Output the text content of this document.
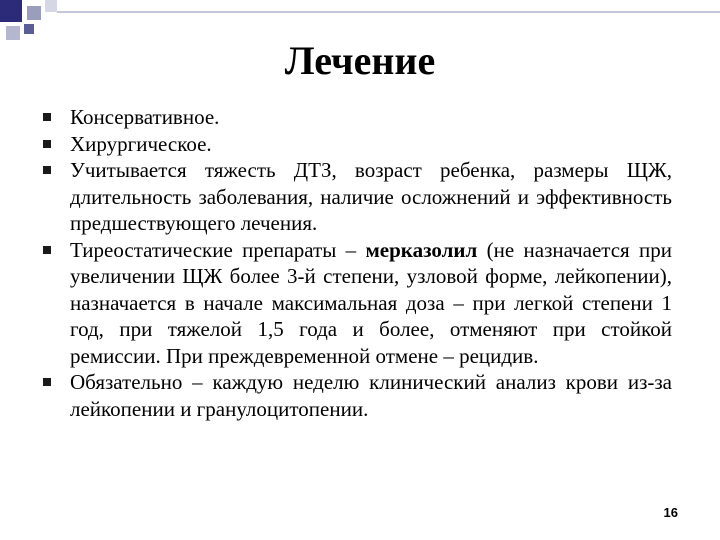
Лечение
Консервативное.
Хирургическое.
Учитывается тяжесть ДТЗ, возраст ребенка, размеры ЩЖ, длительность заболевания, наличие осложнений и эффективность предшествующего лечения.
Тиреостатические препараты – мерказолил (не назначается при увеличении ЩЖ более 3-й степени, узловой форме, лейкопении), назначается в начале максимальная доза – при легкой степени 1 год, при тяжелой 1,5 года и более, отменяют при стойкой ремиссии. При преждевременной отмене – рецидив.
Обязательно – каждую неделю клинический анализ крови из-за лейкопении и гранулоцитопении.
16
